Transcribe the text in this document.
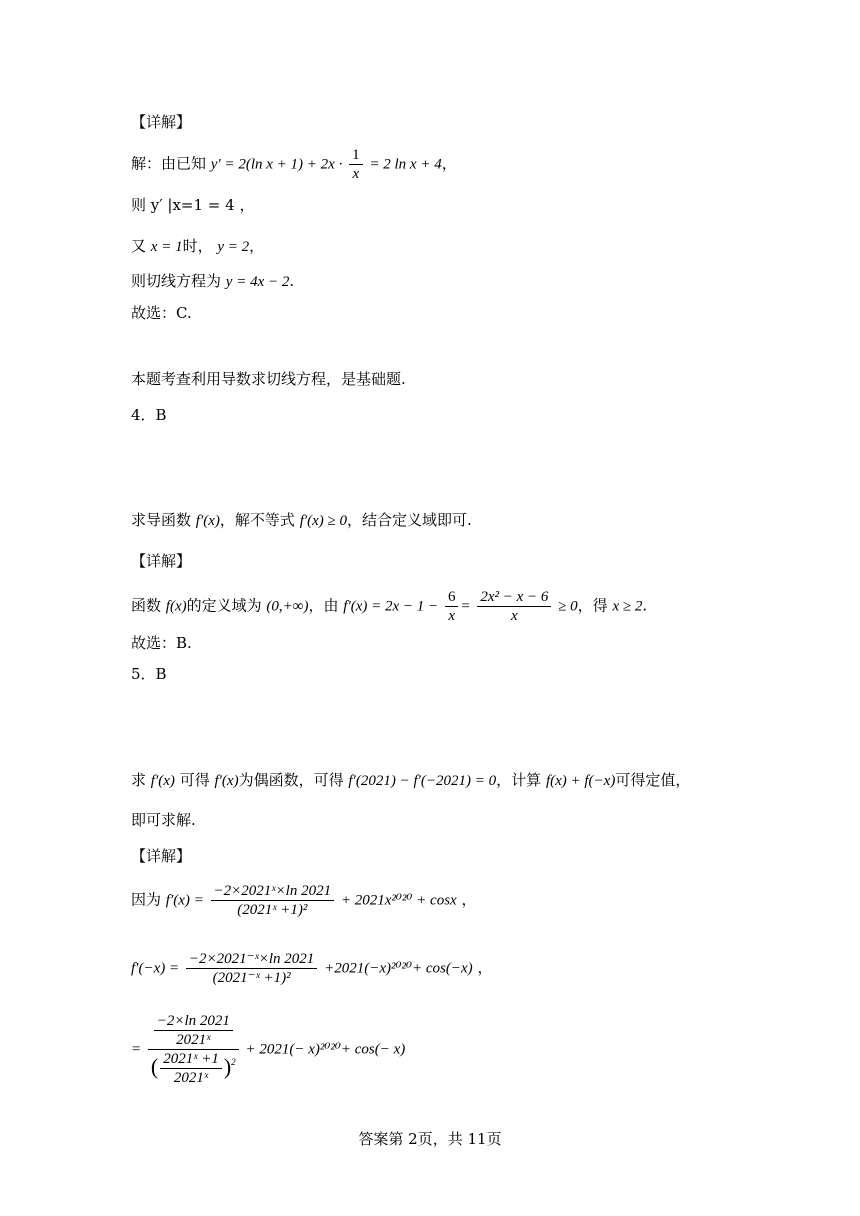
【详解】
解：由已知 y′ = 2(ln $x + 1) + 2x \cdot \frac{1}{x} = 2$ ln x + 4，
则 y′ |x=1 = 4 ，
又 x = 1时， y = 2，
则切线方程为 y = 4x − 2.
故选：C.
本题考查利用导数求切线方程，是基础题.
4．B
求导函数 f′(x)，解不等式 f′(x) ≥ 0，结合定义域即可.
【详解】
函数 f(x)的定义域为 (0,+∞)，由 $f'(x) = 2x - 1 - \frac{6}{x} = \frac{\text{2x² − x − 6}}{x} \ge 0$，得 x ≥ 2.
故选：B.
5．B
求 f′(x) 可得 f′(x)为偶函数，可得 f′(2021) − f′(−2021) = 0，计算 f(x) + f(−x)可得定值，
即可求解.
【详解】
因为 $f'(x) = \frac{\text{−2×2021ˣ×ln 2021}}{\text{(2021ˣ +1)²}} + 2021x^{2020} + \cos x$ ，
$f'(-x) = \frac{\text{−2×2021⁻ˣ×ln 2021}}{\text{(2021⁻ˣ +1)²}} +2021(-x)^{2020}+ \cos(-x)$ ，
= $\frac{\frac{-2\times\ln 2021}{\text{2021ˣ}}}{( \frac{\text{2021ˣ +1}}{\text{2021ˣ}} )^2} + 2021(- x)^{2020}+ \cos(- x)$
答案第 2页，共 11页
